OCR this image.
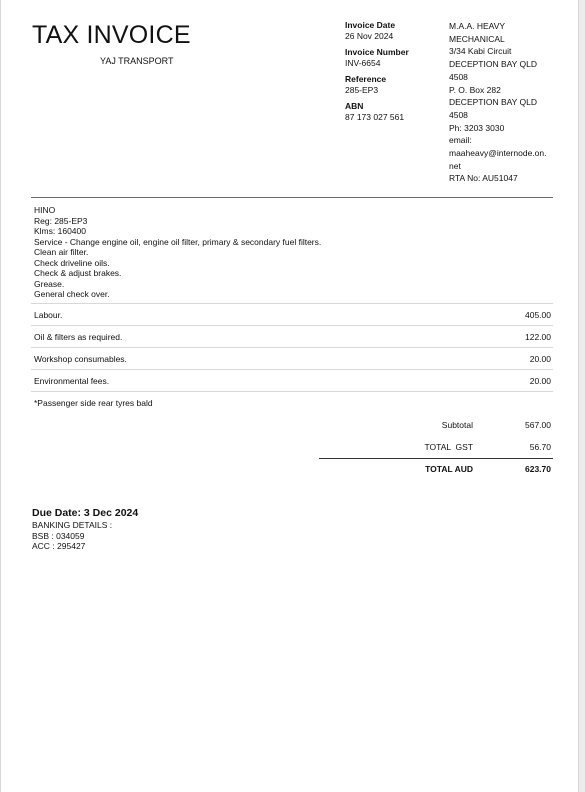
TAX INVOICE
YAJ TRANSPORT
Invoice Date
26 Nov 2024
Invoice Number
INV-6654
Reference
285-EP3
ABN
87 173 027 561
M.A.A. HEAVY
MECHANICAL
3/34 Kabi Circuit
DECEPTION BAY QLD
4508
P. O. Box 282
DECEPTION BAY QLD
4508
Ph: 3203 3030
email:
maaheavy@internode.on.
net
RTA No: AU51047
HINO
Reg: 285-EP3
Klms: 160400
Service - Change engine oil, engine oil filter, primary & secondary fuel filters.
Clean air filter.
Check driveline oils.
Check & adjust brakes.
Grease.
General check over.
Labour.	405.00
Oil & filters as required.	122.00
Workshop consumables.	20.00
Environmental fees.	20.00
*Passenger side rear tyres bald
Subtotal	567.00
TOTAL  GST	56.70
TOTAL AUD	623.70
Due Date: 3 Dec 2024
BANKING DETAILS :
BSB : 034059
ACC : 295427
